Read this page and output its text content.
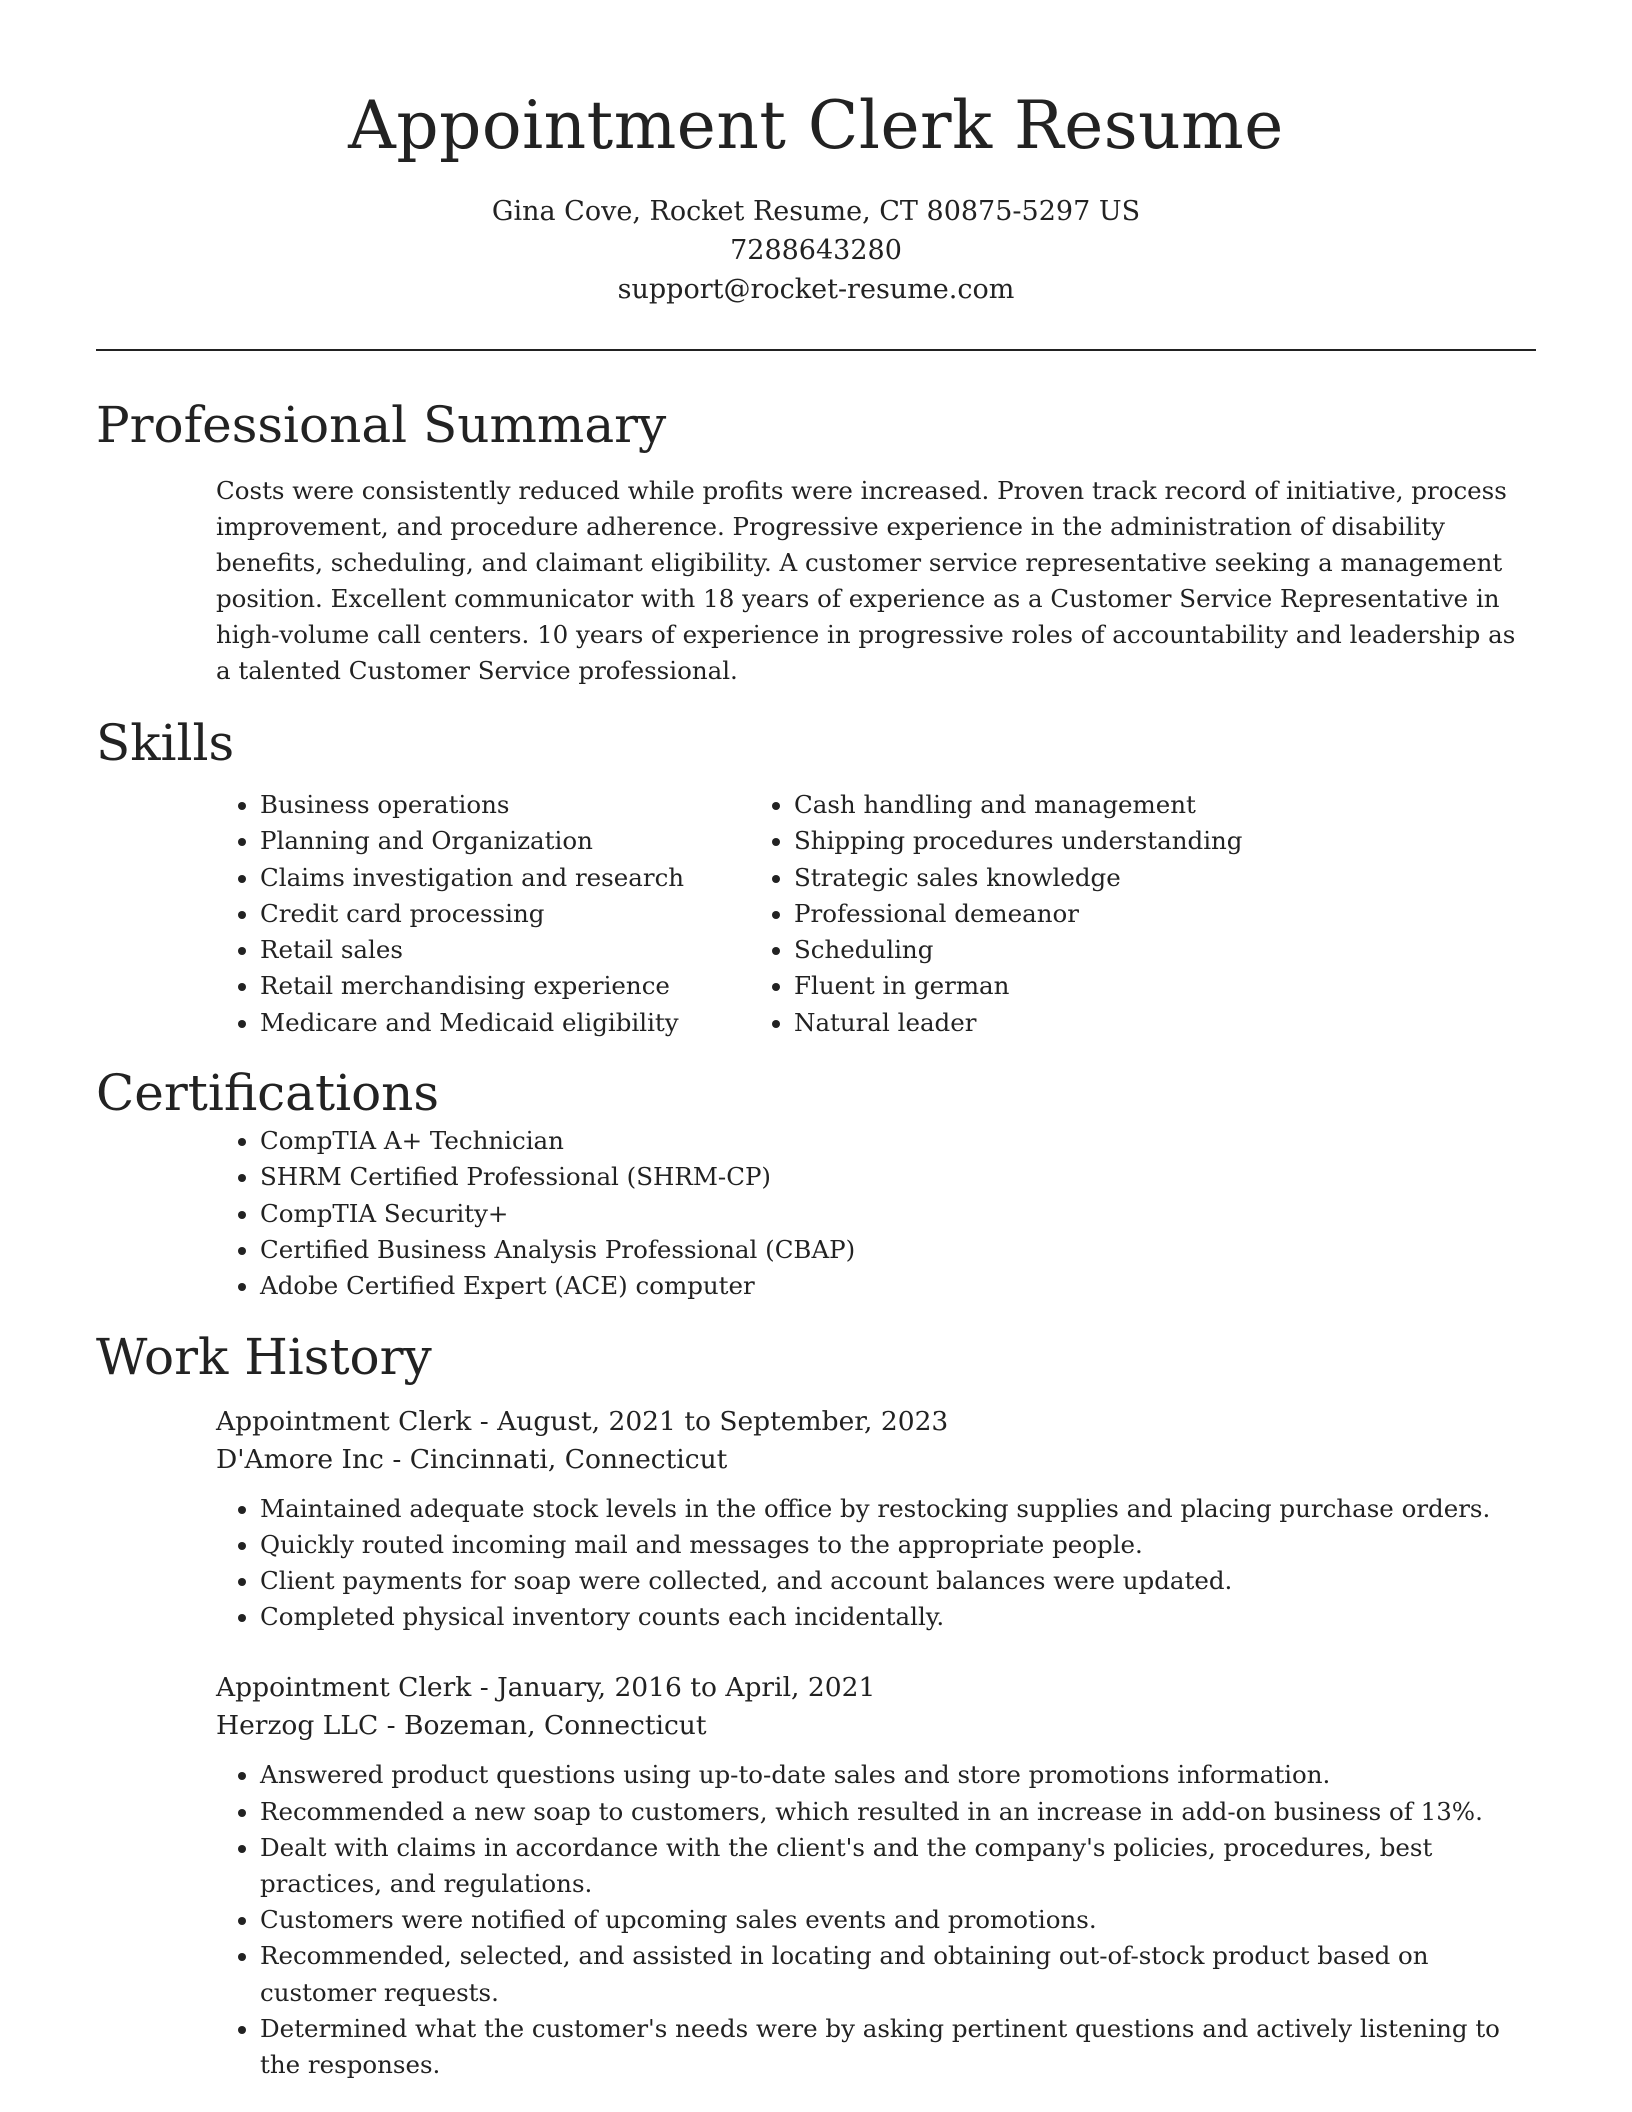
Appointment Clerk Resume
Gina Cove, Rocket Resume, CT 80875-5297 US
7288643280
support@rocket-resume.com
Professional Summary

Costs were consistently reduced while profits were increased. Proven track record of initiative, process improvement, and procedure adherence. Progressive experience in the administration of disability benefits, scheduling, and claimant eligibility. A customer service representative seeking a management position. Excellent communicator with 18 years of experience as a Customer Service Representative in high-volume call centers. 10 years of experience in progressive roles of accountability and leadership as a talented Customer Service professional.

Skills
• Business operations
• Planning and Organization
• Claims investigation and research
• Credit card processing
• Retail sales
• Retail merchandising experience
• Medicare and Medicaid eligibility
• Cash handling and management
• Shipping procedures understanding
• Strategic sales knowledge
• Professional demeanor
• Scheduling
• Fluent in german
• Natural leader
Certifications
• CompTIA A+ Technician
• SHRM Certified Professional (SHRM-CP)
• CompTIA Security+
• Certified Business Analysis Professional (CBAP)
• Adobe Certified Expert (ACE) computer
Work History
Appointment Clerk - August, 2021 to September, 2023
D'Amore Inc - Cincinnati, Connecticut
• Maintained adequate stock levels in the office by restocking supplies and placing purchase orders.
• Quickly routed incoming mail and messages to the appropriate people.
• Client payments for soap were collected, and account balances were updated.
• Completed physical inventory counts each incidentally.
Appointment Clerk - January, 2016 to April, 2021
Herzog LLC - Bozeman, Connecticut
• Answered product questions using up-to-date sales and store promotions information.
• Recommended a new soap to customers, which resulted in an increase in add-on business of 13%.
• Dealt with claims in accordance with the client's and the company's policies, procedures, best practices, and regulations.
• Customers were notified of upcoming sales events and promotions.
• Recommended, selected, and assisted in locating and obtaining out-of-stock product based on customer requests.
• Determined what the customer's needs were by asking pertinent questions and actively listening to the responses.
